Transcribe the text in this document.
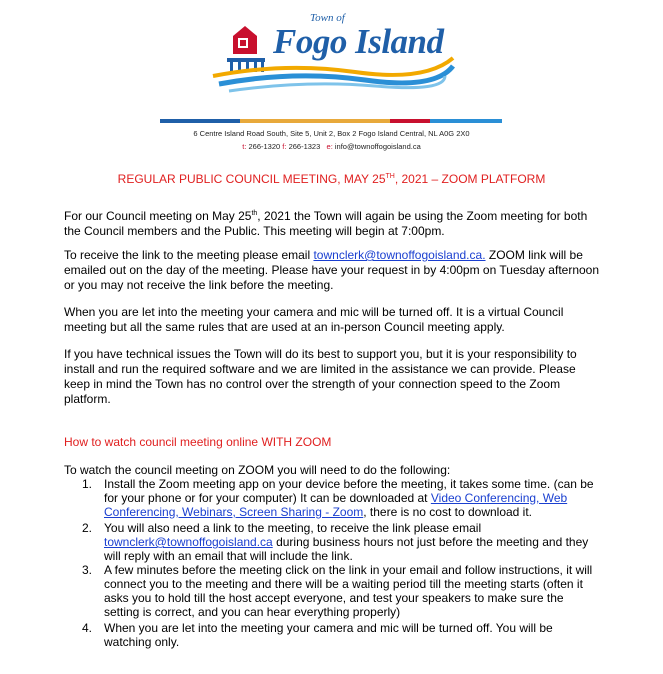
Town of
Fogo Island
6 Centre Island Road South, Site 5, Unit 2, Box 2 Fogo Island Central, NL A0G 2X0
t: 266-1320 f: 266-1323 e: info@townoffogoisland.ca
REGULAR PUBLIC COUNCIL MEETING, MAY 25TH, 2021 – ZOOM PLATFORM
For our Council meeting on May 25th, 2021 the Town will again be using the Zoom meeting for both the Council members and the Public. This meeting will begin at 7:00pm.
To receive the link to the meeting please email townclerk@townoffogoisland.ca. ZOOM link will be emailed out on the day of the meeting. Please have your request in by 4:00pm on Tuesday afternoon or you may not receive the link before the meeting.
When you are let into the meeting your camera and mic will be turned off. It is a virtual Council meeting but all the same rules that are used at an in-person Council meeting apply.
If you have technical issues the Town will do its best to support you, but it is your responsibility to install and run the required software and we are limited in the assistance we can provide. Please keep in mind the Town has no control over the strength of your connection speed to the Zoom platform.
How to watch council meeting online WITH ZOOM
To watch the council meeting on ZOOM you will need to do the following:
1. Install the Zoom meeting app on your device before the meeting, it takes some time. (can be for your phone or for your computer) It can be downloaded at Video Conferencing, Web Conferencing, Webinars, Screen Sharing - Zoom, there is no cost to download it.
2. You will also need a link to the meeting, to receive the link please email townclerk@townoffogoisland.ca during business hours not just before the meeting and they will reply with an email that will include the link.
3. A few minutes before the meeting click on the link in your email and follow instructions, it will connect you to the meeting and there will be a waiting period till the meeting starts (often it asks you to hold till the host accept everyone, and test your speakers to make sure the setting is correct, and you can hear everything properly)
4. When you are let into the meeting your camera and mic will be turned off. You will be watching only.
